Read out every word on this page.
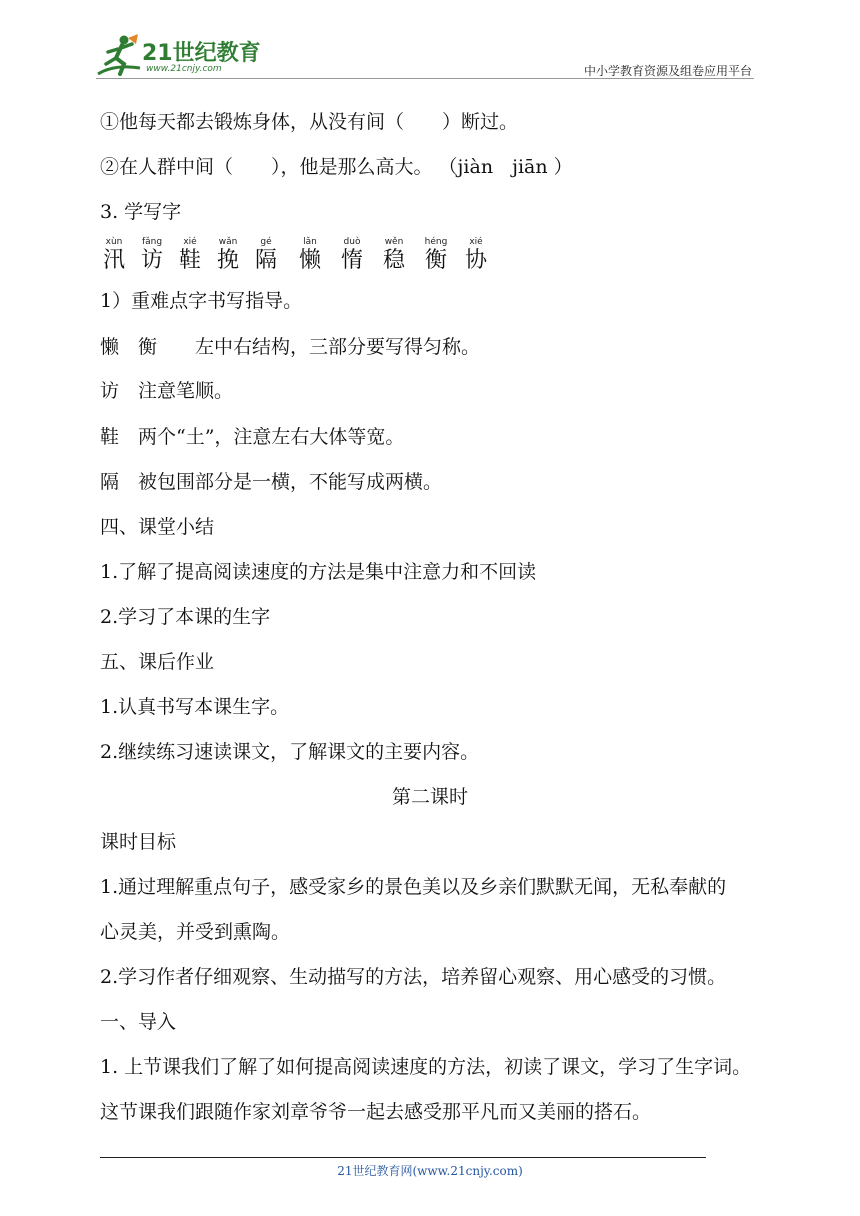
21世纪教育
www.21cnjy.com	中小学教育资源及组卷应用平台
①他每天都去锻炼身体，从没有间（　　）断过。
②在人群中间（　　），他是那么高大。 （jiàn　jiān ）
3. 学写字
xùn
汛
fǎng
访
xié
鞋
wǎn
挽
gé
隔
lǎn
懒
duò
惰
wěn
稳
héng
衡
xié
协
1）重难点字书写指导。
懒　衡　　左中右结构，三部分要写得匀称。
访　注意笔顺。
鞋　两个“土”，注意左右大体等宽。
隔　被包围部分是一横，不能写成两横。
四、课堂小结
1.了解了提高阅读速度的方法是集中注意力和不回读
2.学习了本课的生字
五、课后作业
1.认真书写本课生字。
2.继续练习速读课文，了解课文的主要内容。
第二课时
课时目标
1.通过理解重点句子，感受家乡的景色美以及乡亲们默默无闻，无私奉献的
心灵美，并受到熏陶。
2.学习作者仔细观察、生动描写的方法，培养留心观察、用心感受的习惯。
一、导入
1. 上节课我们了解了如何提高阅读速度的方法，初读了课文，学习了生字词。
这节课我们跟随作家刘章爷爷一起去感受那平凡而又美丽的搭石。
21世纪教育网(www.21cnjy.com)
